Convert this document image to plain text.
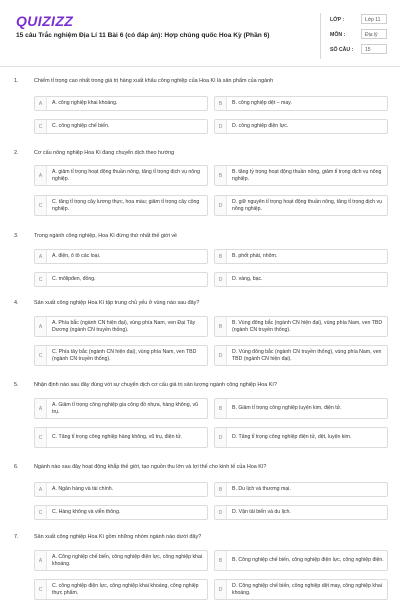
QUIZIZZ
15 câu Trắc nghiệm Địa Lí 11 Bài 6 (có đáp án): Hợp chủng quốc Hoa Kỳ (Phần 6)
LỚP :	Lớp 11
MÔN :	Địa lý
SỐ CÂU :	15
1.	Chiếm tỉ trọng cao nhất trong giá trị hàng xuất khẩu công nghiệp của Hoa Kì là sản phẩm của ngành
A	A. công nghiệp khai khoáng.	B	B. công nghiệp dệt – may.
C	C. công nghiệp chế biến.	D	D. công nghiệp điện lực.
2.	Cơ cấu nông nghiệp Hoa Kì đang chuyển dịch theo hướng
A
A. giảm tỉ trọng hoạt động thuần nông, tăng tỉ trọng dịch vụ nông nghiệp.	B
B. tăng tỷ trọng hoạt động thuần nông, giảm tỉ trọng dịch vụ nông nghiệp.
C
C. tăng tỉ trọng cây lương thực, hoa màu; giảm tỉ trọng cây công nghiệp.	D
D. giữ nguyên tỉ trọng hoạt động thuần nông, tăng tỉ trọng dịch vụ nông nghiệp.
3.	Trong ngành công nghiệp, Hoa Kì đứng thứ nhất thế giới về
A	A. điện, ô tô các loại.	B	B. phốt phát, nhôm.
C	C. môlipđen, đồng.	D	D. vàng, bạc.
4.	Sản xuất công nghiệp Hoa Kì tập trung chủ yếu ở vùng nào sau đây?
A
A. Phía bắc (ngành CN hiện đại), vùng phía Nam, ven Đại Tây Dương (ngành CN truyền thống).	B
B. Vùng đông bắc (ngành CN hiện đại), vùng phía Nam, ven TBD (ngành CN truyền thống).
C
C. Phía tây bắc (ngành CN hiện đại), vùng phía Nam, ven TBD (ngành CN truyền thống).	D
D. Vùng đông bắc (ngành CN truyền thống), vùng phía Nam, ven TBD (ngành CN hiện đại).
5.	Nhận định nào sau đây đúng với sự chuyển dịch cơ cấu giá trị sản lượng ngành công nghiệp Hoa Kì?
A
A. Giảm tỉ trọng công nghiệp gia công đồ nhựa, hàng không, vũ trụ.	B	B. Giảm tỉ trọng công nghiệp luyện kim, điện tử.
C	C. Tăng tỉ trọng công nghiệp hàng không, vũ trụ, điện tử.	D	D. Tăng tỉ trọng công nghiệp điện tử, dệt, luyện kim.
6.	Ngành nào sau đây hoạt động khắp thế giới, tạo nguồn thu lớn và lợi thế cho kinh tế của Hoa Kì?
A	A. Ngân hàng và tài chính.	B	B. Du lịch và thương mại.
C	C. Hàng không và viễn thông.	D	D. Vận tải biển và du lịch.
7.	Sản xuất công nghiệp Hoa Kì gồm những nhóm ngành nào dưới đây?
A
A. Công nghiệp chế biến, công nghiệp điện lực, công nghiệp khai khoáng.	B	B. Công nghiệp chế biến, công nghiệp điện lực, công nghiệp điện.
C
C. công nghiệp điện lực, công nghiệp khai khoáng, công nghiệp thực phẩm.	D
D. Công nghiệp chế biến, công nghiệp dệt may, công nghiệp khai khoáng.
